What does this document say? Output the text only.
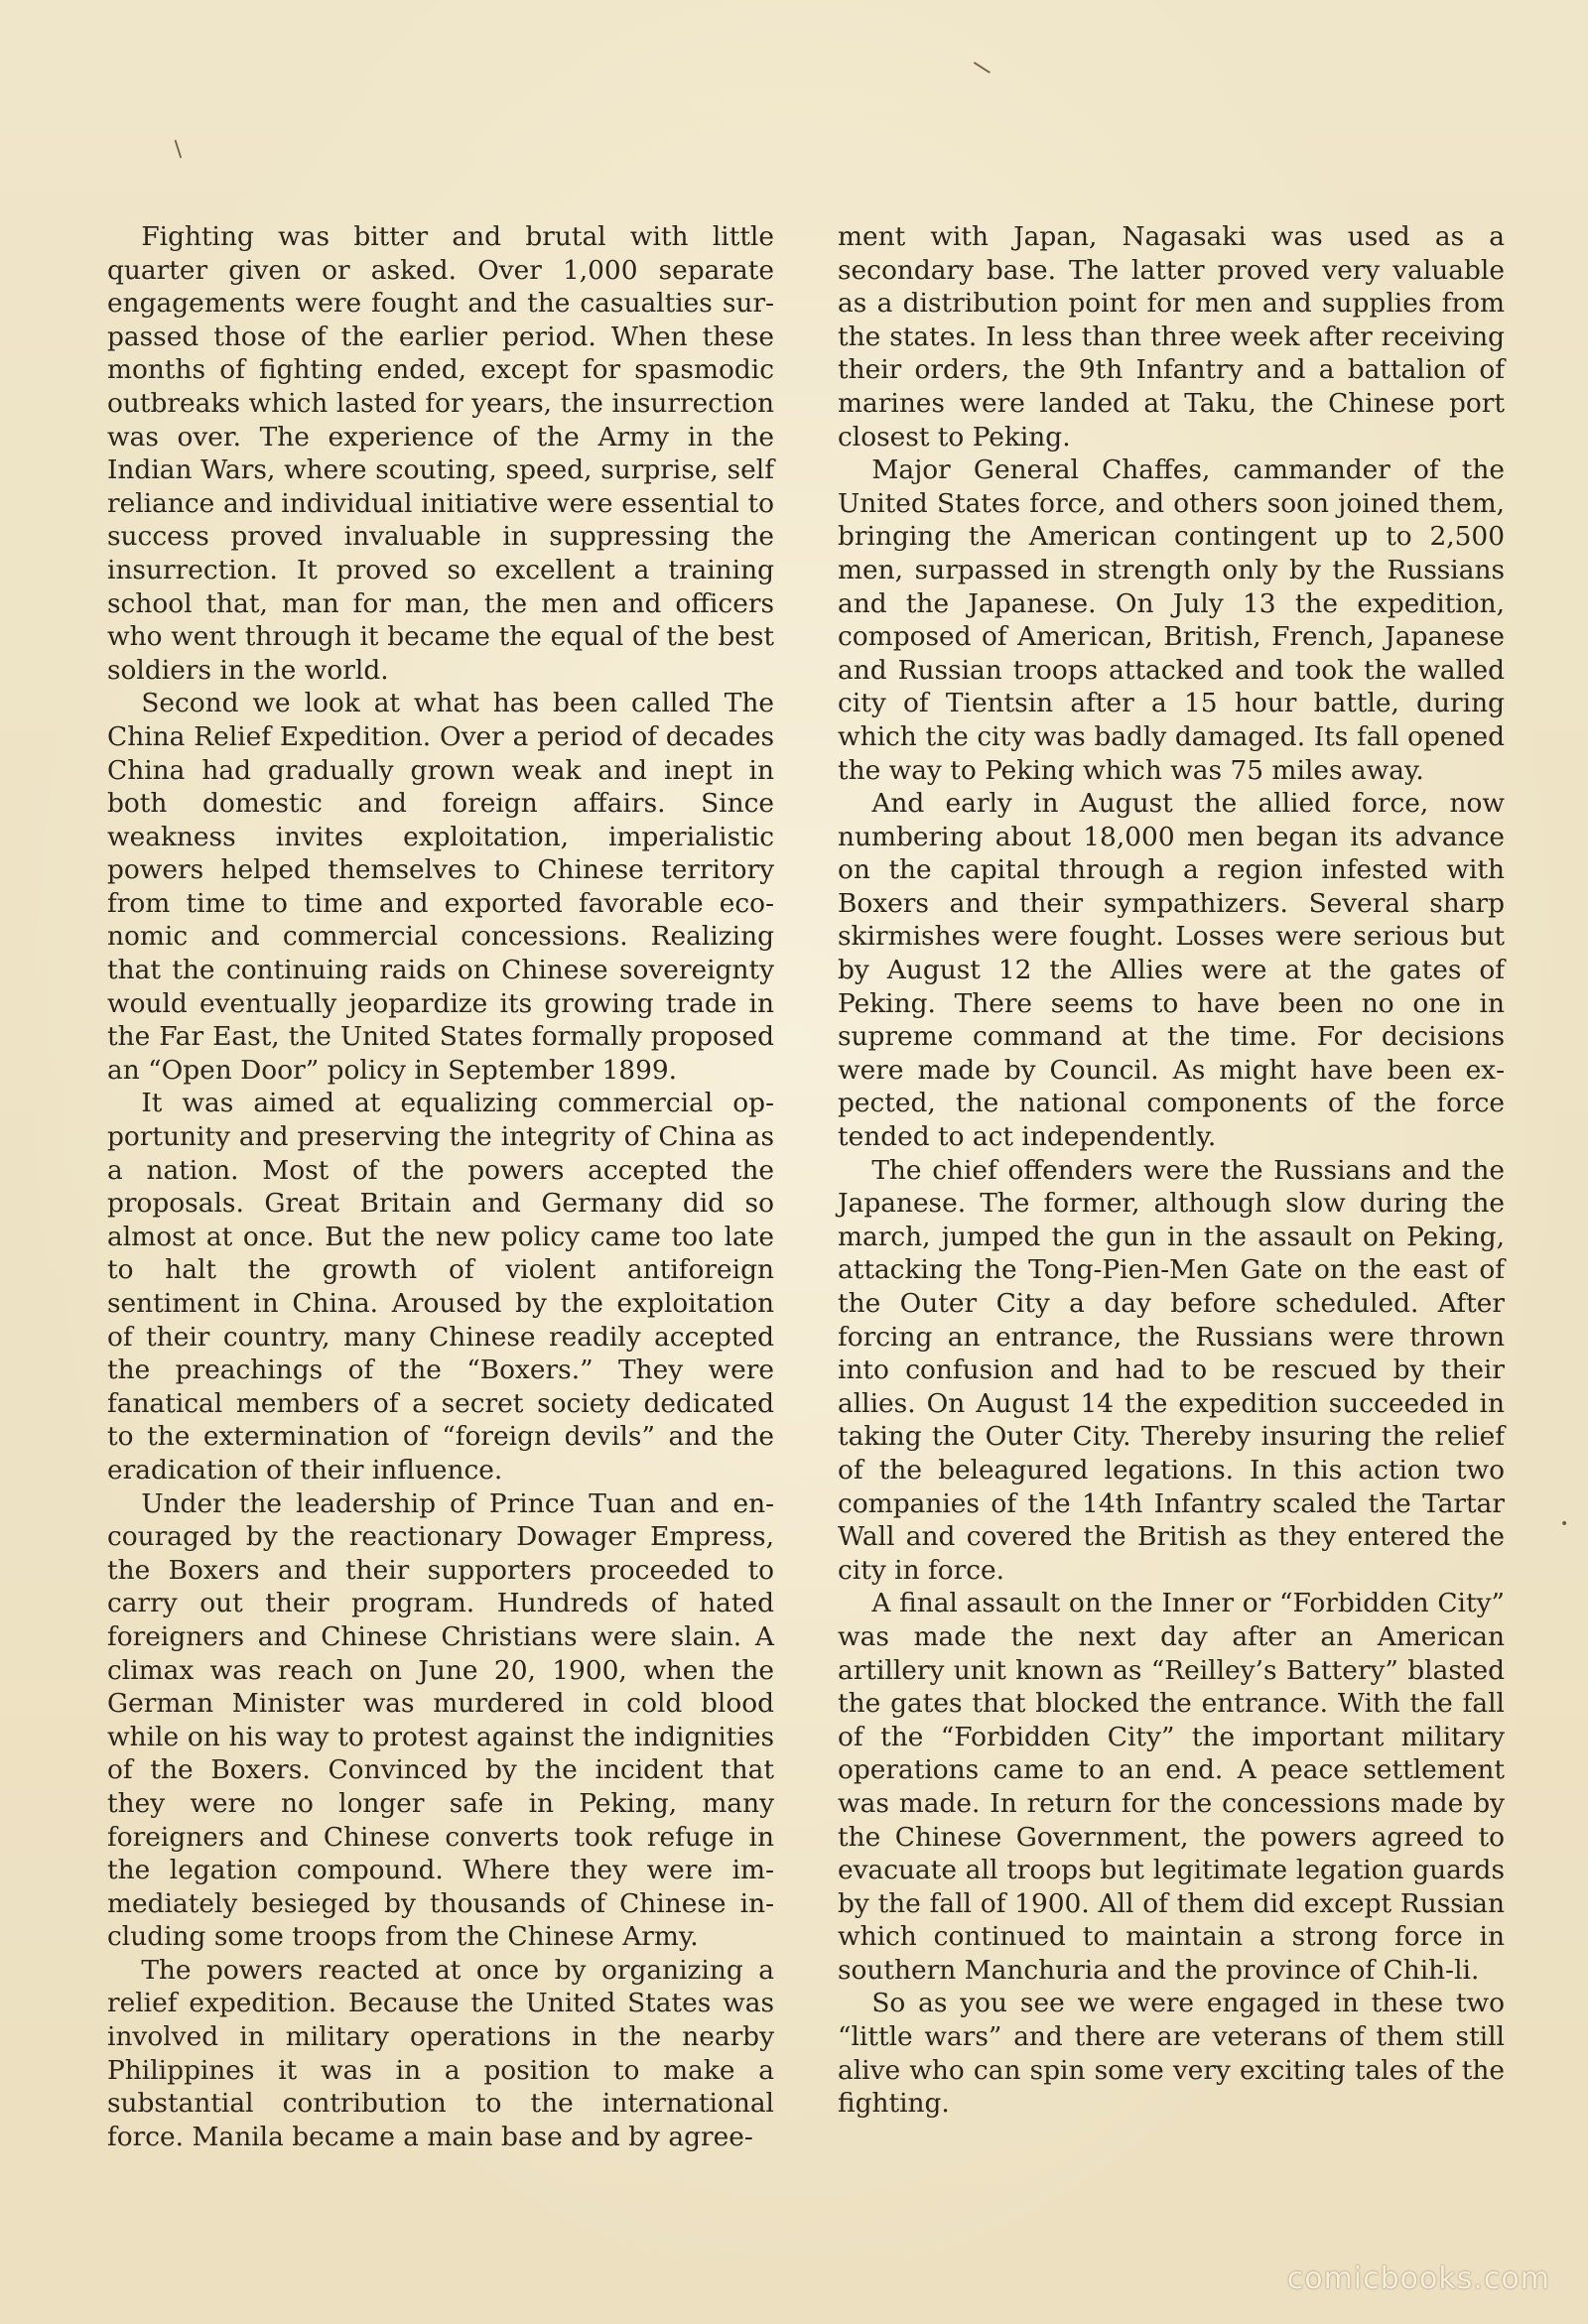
/
\
•

Fighting was bitter and brutal with little quarter given or asked. Over 1,000 separate engagements were fought and the casualties surpassed those of the earlier period. When these months of fighting ended, except for spasmodic outbreaks which lasted for years, the insurrection was over. The experience of the Army in the Indian Wars, where scouting, speed, surprise, self reliance and individual initiative were essential to success proved invaluable in suppressing the insurrection. It proved so excellent a training school that, man for man, the men and officers who went through it became the equal of the best soldiers in the world.

Second we look at what has been called The China Relief Expedition. Over a period of decades China had gradually grown weak and inept in both domestic and foreign affairs. Since weakness invites exploitation, imperialistic powers helped themselves to Chinese territory from time to time and exported favorable economic and commercial concessions. Realizing that the continuing raids on Chinese sovereignty would eventually jeopardize its growing trade in the Far East, the United States formally proposed an “Open Door” policy in September 1899.

It was aimed at equalizing commercial opportunity and preserving the integrity of China as a nation. Most of the powers accepted the proposals. Great Britain and Germany did so almost at once. But the new policy came too late to halt the growth of violent antiforeign sentiment in China. Aroused by the exploitation of their country, many Chinese readily accepted the preachings of the “Boxers.” They were fanatical members of a secret society dedicated to the extermination of “foreign devils” and the eradication of their influence.

Under the leadership of Prince Tuan and encouraged by the reactionary Dowager Empress, the Boxers and their supporters proceeded to carry out their program. Hundreds of hated foreigners and Chinese Christians were slain. A climax was reach on June 20, 1900, when the German Minister was murdered in cold blood while on his way to protest against the indignities of the Boxers. Convinced by the incident that they were no longer safe in Peking, many foreigners and Chinese converts took refuge in the legation compound. Where they were immediately besieged by thousands of Chinese including some troops from the Chinese Army.

The powers reacted at once by organizing a relief expedition. Because the United States was involved in military operations in the nearby Philippines it was in a position to make a substantial contribution to the international force. Manila became a main base and by agree-

ment with Japan, Nagasaki was used as a secondary base. The latter proved very valuable as a distribution point for men and supplies from the states. In less than three week after receiving their orders, the 9th Infantry and a battalion of marines were landed at Taku, the Chinese port closest to Peking.

Major General Chaffes, cammander of the United States force, and others soon joined them, bringing the American contingent up to 2,500 men, surpassed in strength only by the Russians and the Japanese. On July 13 the expedition, composed of American, British, French, Japanese and Russian troops attacked and took the walled city of Tientsin after a 15 hour battle, during which the city was badly damaged. Its fall opened the way to Peking which was 75 miles away.

And early in August the allied force, now numbering about 18,000 men began its advance on the capital through a region infested with Boxers and their sympathizers. Several sharp skirmishes were fought. Losses were serious but by August 12 the Allies were at the gates of Peking. There seems to have been no one in supreme command at the time. For decisions were made by Council. As might have been expected, the national components of the force tended to act independently.

The chief offenders were the Russians and the Japanese. The former, although slow during the march, jumped the gun in the assault on Peking, attacking the Tong-Pien-Men Gate on the east of the Outer City a day before scheduled. After forcing an entrance, the Russians were thrown into confusion and had to be rescued by their allies. On August 14 the expedition succeeded in taking the Outer City. Thereby insuring the relief of the beleagured legations. In this action two companies of the 14th Infantry scaled the Tartar Wall and covered the British as they entered the city in force.

A final assault on the Inner or “Forbidden City” was made the next day after an American artillery unit known as “Reilley’s Battery” blasted the gates that blocked the entrance. With the fall of the “Forbidden City” the important military operations came to an end. A peace settlement was made. In return for the concessions made by the Chinese Government, the powers agreed to evacuate all troops but legitimate legation guards by the fall of 1900. All of them did except Russian which continued to maintain a strong force in southern Manchuria and the province of Chih-li.

So as you see we were engaged in these two “little wars” and there are veterans of them still alive who can spin some very exciting tales of the fighting.

comicbooks.com
